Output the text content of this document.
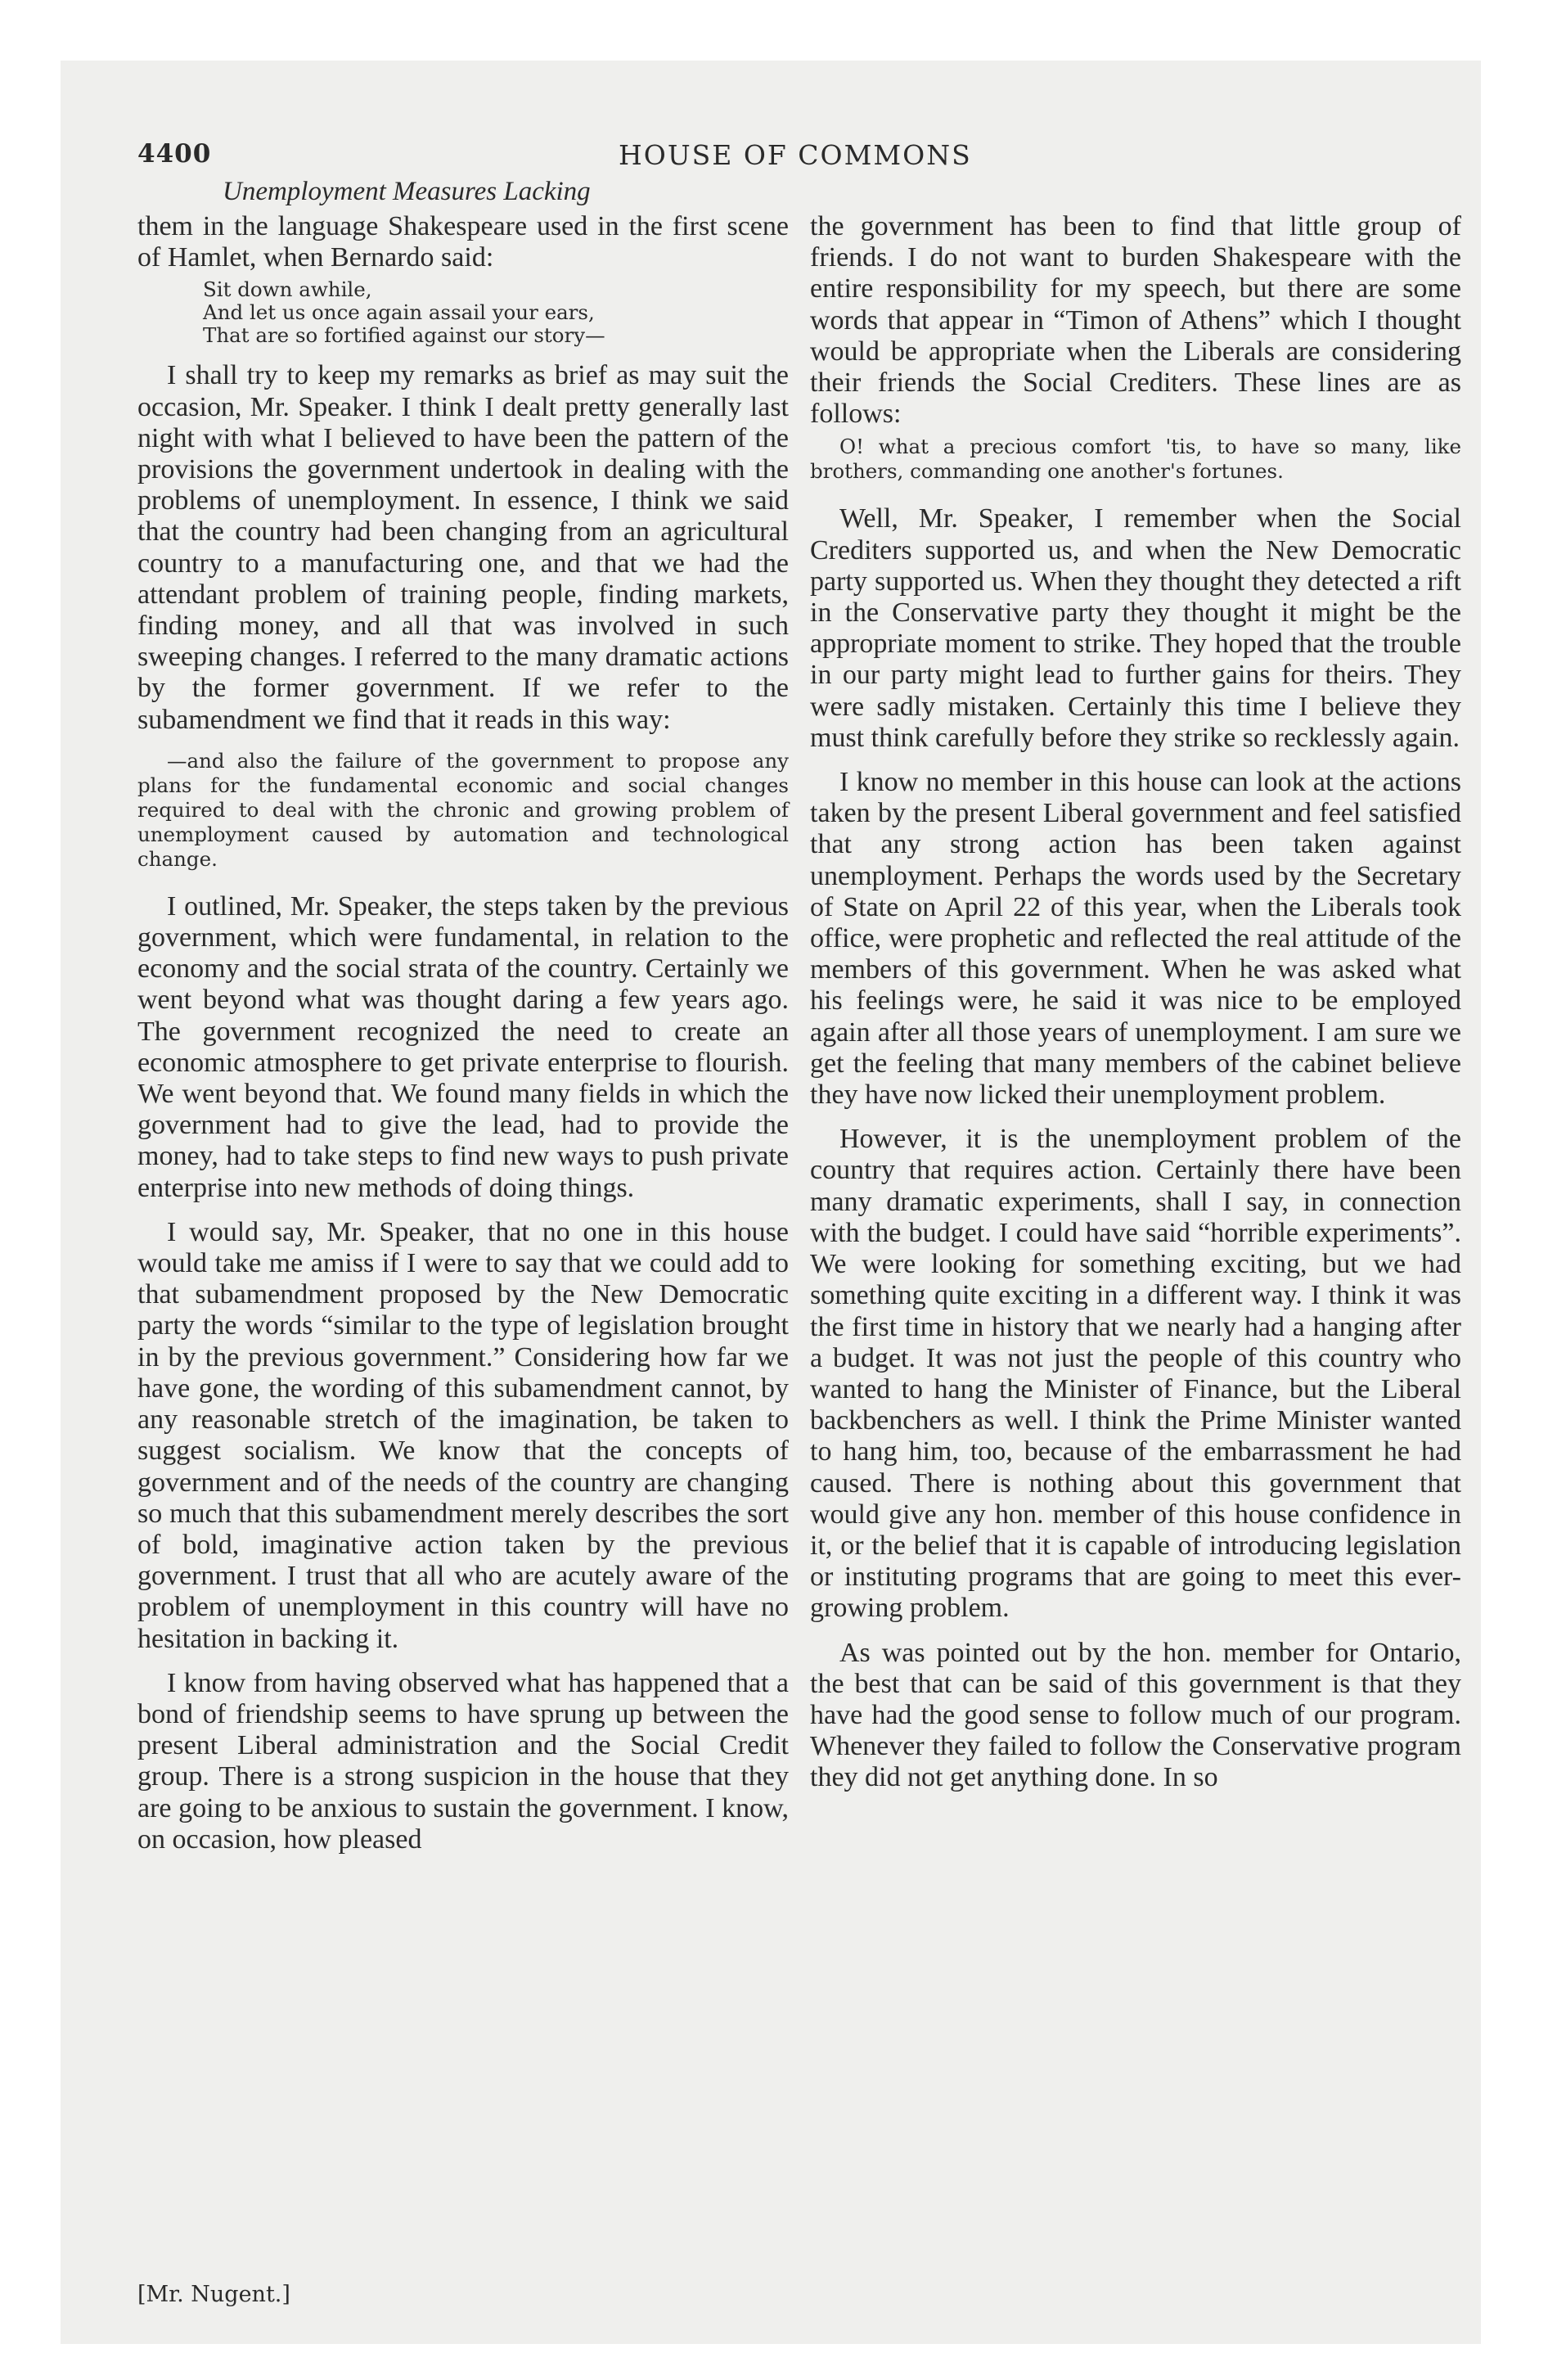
4400	HOUSE OF COMMONS
Unemployment Measures Lacking

them in the language Shakespeare used in the first scene of Hamlet, when Bernardo said:

Sit down awhile,
And let us once again assail your ears,
That are so fortified against our story—

I shall try to keep my remarks as brief as may suit the occasion, Mr. Speaker. I think I dealt pretty generally last night with what I believed to have been the pattern of the provisions the government undertook in dealing with the problems of unemployment. In essence, I think we said that the country had been changing from an agricultural country to a manufacturing one, and that we had the attendant problem of training people, finding markets, finding money, and all that was involved in such sweeping changes. I referred to the many dramatic actions by the former government. If we refer to the subamendment we find that it reads in this way:

—and also the failure of the government to propose any plans for the fundamental economic and social changes required to deal with the chronic and growing problem of unemployment caused by automation and technological change.

I outlined, Mr. Speaker, the steps taken by the previous government, which were fundamental, in relation to the economy and the social strata of the country. Certainly we went beyond what was thought daring a few years ago. The government recognized the need to create an economic atmosphere to get private enterprise to flourish. We went beyond that. We found many fields in which the government had to give the lead, had to provide the money, had to take steps to find new ways to push private enterprise into new methods of doing things.

I would say, Mr. Speaker, that no one in this house would take me amiss if I were to say that we could add to that subamendment proposed by the New Democratic party the words “similar to the type of legislation brought in by the previous government.” Considering how far we have gone, the wording of this subamendment cannot, by any reasonable stretch of the imagination, be taken to suggest socialism. We know that the concepts of government and of the needs of the country are changing so much that this subamendment merely describes the sort of bold, imaginative action taken by the previous government. I trust that all who are acutely aware of the problem of unemployment in this country will have no hesitation in backing it.

I know from having observed what has happened that a bond of friendship seems to have sprung up between the present Liberal administration and the Social Credit group. There is a strong suspicion in the house that they are going to be anxious to sustain the government. I know, on occasion, how pleased

the government has been to find that little group of friends. I do not want to burden Shakespeare with the entire responsibility for my speech, but there are some words that appear in “Timon of Athens” which I thought would be appropriate when the Liberals are considering their friends the Social Crediters. These lines are as follows:

O! what a precious comfort 'tis, to have so many, like brothers, commanding one another's fortunes.

Well, Mr. Speaker, I remember when the Social Crediters supported us, and when the New Democratic party supported us. When they thought they detected a rift in the Conservative party they thought it might be the appropriate moment to strike. They hoped that the trouble in our party might lead to further gains for theirs. They were sadly mistaken. Certainly this time I believe they must think carefully before they strike so recklessly again.

I know no member in this house can look at the actions taken by the present Liberal government and feel satisfied that any strong action has been taken against unemployment. Perhaps the words used by the Secretary of State on April 22 of this year, when the Liberals took office, were prophetic and reflected the real attitude of the members of this government. When he was asked what his feelings were, he said it was nice to be employed again after all those years of unemployment. I am sure we get the feeling that many members of the cabinet believe they have now licked their unemployment problem.

However, it is the unemployment problem of the country that requires action. Certainly there have been many dramatic experiments, shall I say, in connection with the budget. I could have said “horrible experiments”. We were looking for something exciting, but we had something quite exciting in a different way. I think it was the first time in history that we nearly had a hanging after a budget. It was not just the people of this country who wanted to hang the Minister of Finance, but the Liberal backbenchers as well. I think the Prime Minister wanted to hang him, too, because of the embarrassment he had caused. There is nothing about this government that would give any hon. member of this house confidence in it, or the belief that it is capable of introducing legislation or instituting programs that are going to meet this ever-growing problem.

As was pointed out by the hon. member for Ontario, the best that can be said of this government is that they have had the good sense to follow much of our program. Whenever they failed to follow the Conservative program they did not get anything done. In so

[Mr. Nugent.]
